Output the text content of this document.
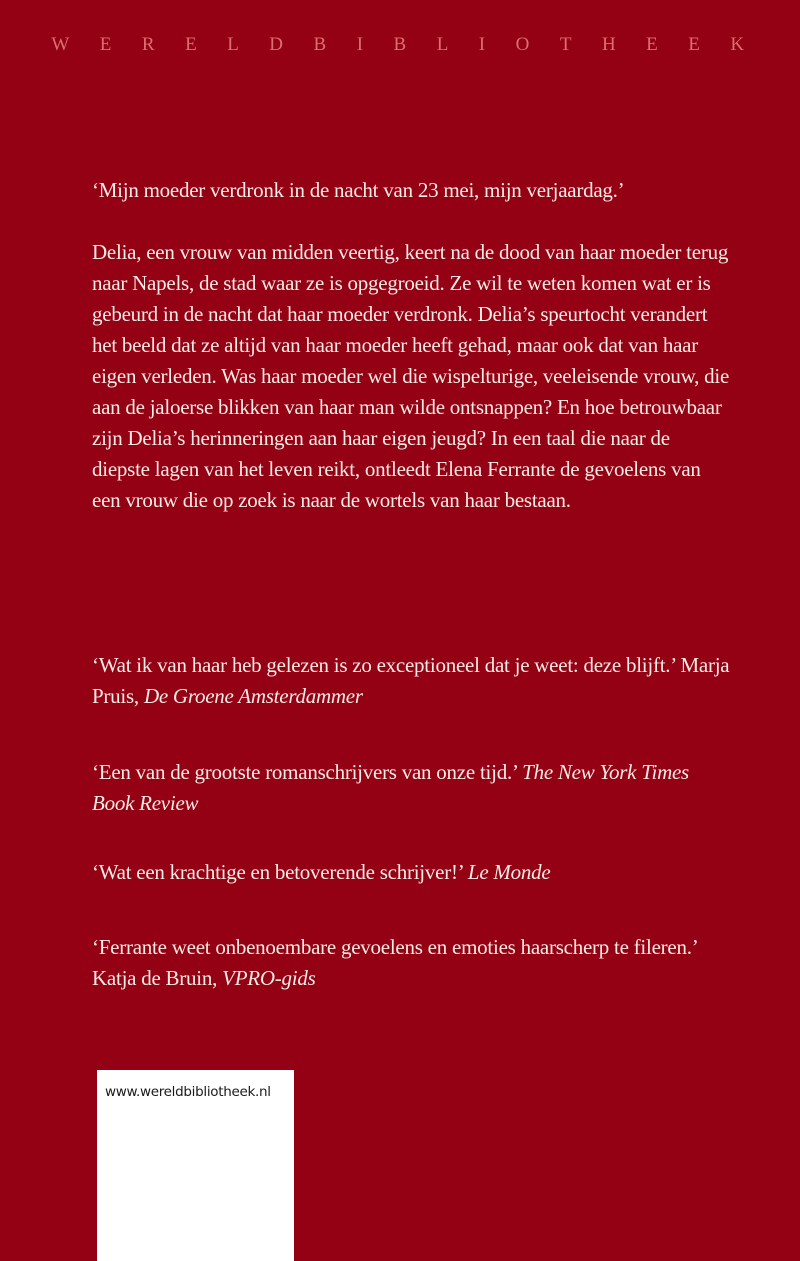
WERELDBIBLIOTHEEK

‘Mijn moeder verdronk in de nacht van 23 mei, mijn verjaardag.’

Delia, een vrouw van midden veertig, keert na de dood van haar moeder terug naar Napels, de stad waar ze is opgegroeid. Ze wil te weten komen wat er is gebeurd in de nacht dat haar moeder verdronk. Delia’s speurtocht verandert het beeld dat ze altijd van haar moeder heeft gehad, maar ook dat van haar eigen verleden. Was haar moeder wel die wispelturige, veeleisende vrouw, die aan de jaloerse blikken van haar man wilde ontsnappen? En hoe betrouwbaar zijn Delia’s herinneringen aan haar eigen jeugd? In een taal die naar de diepste lagen van het leven reikt, ontleedt Elena Ferrante de gevoelens van een vrouw die op zoek is naar de wortels van haar bestaan.

‘Wat ik van haar heb gelezen is zo exceptioneel dat je weet: deze blijft.’ Marja Pruis, De Groene Amsterdammer

‘Een van de grootste romanschrijvers van onze tijd.’ The New York Times Book Review

‘Wat een krachtige en betoverende schrijver!’ Le Monde

‘Ferrante weet onbenoembare gevoelens en emoties haarscherp te fileren.’ Katja de Bruin, VPRO-gids

www.wereldbibliotheek.nl
